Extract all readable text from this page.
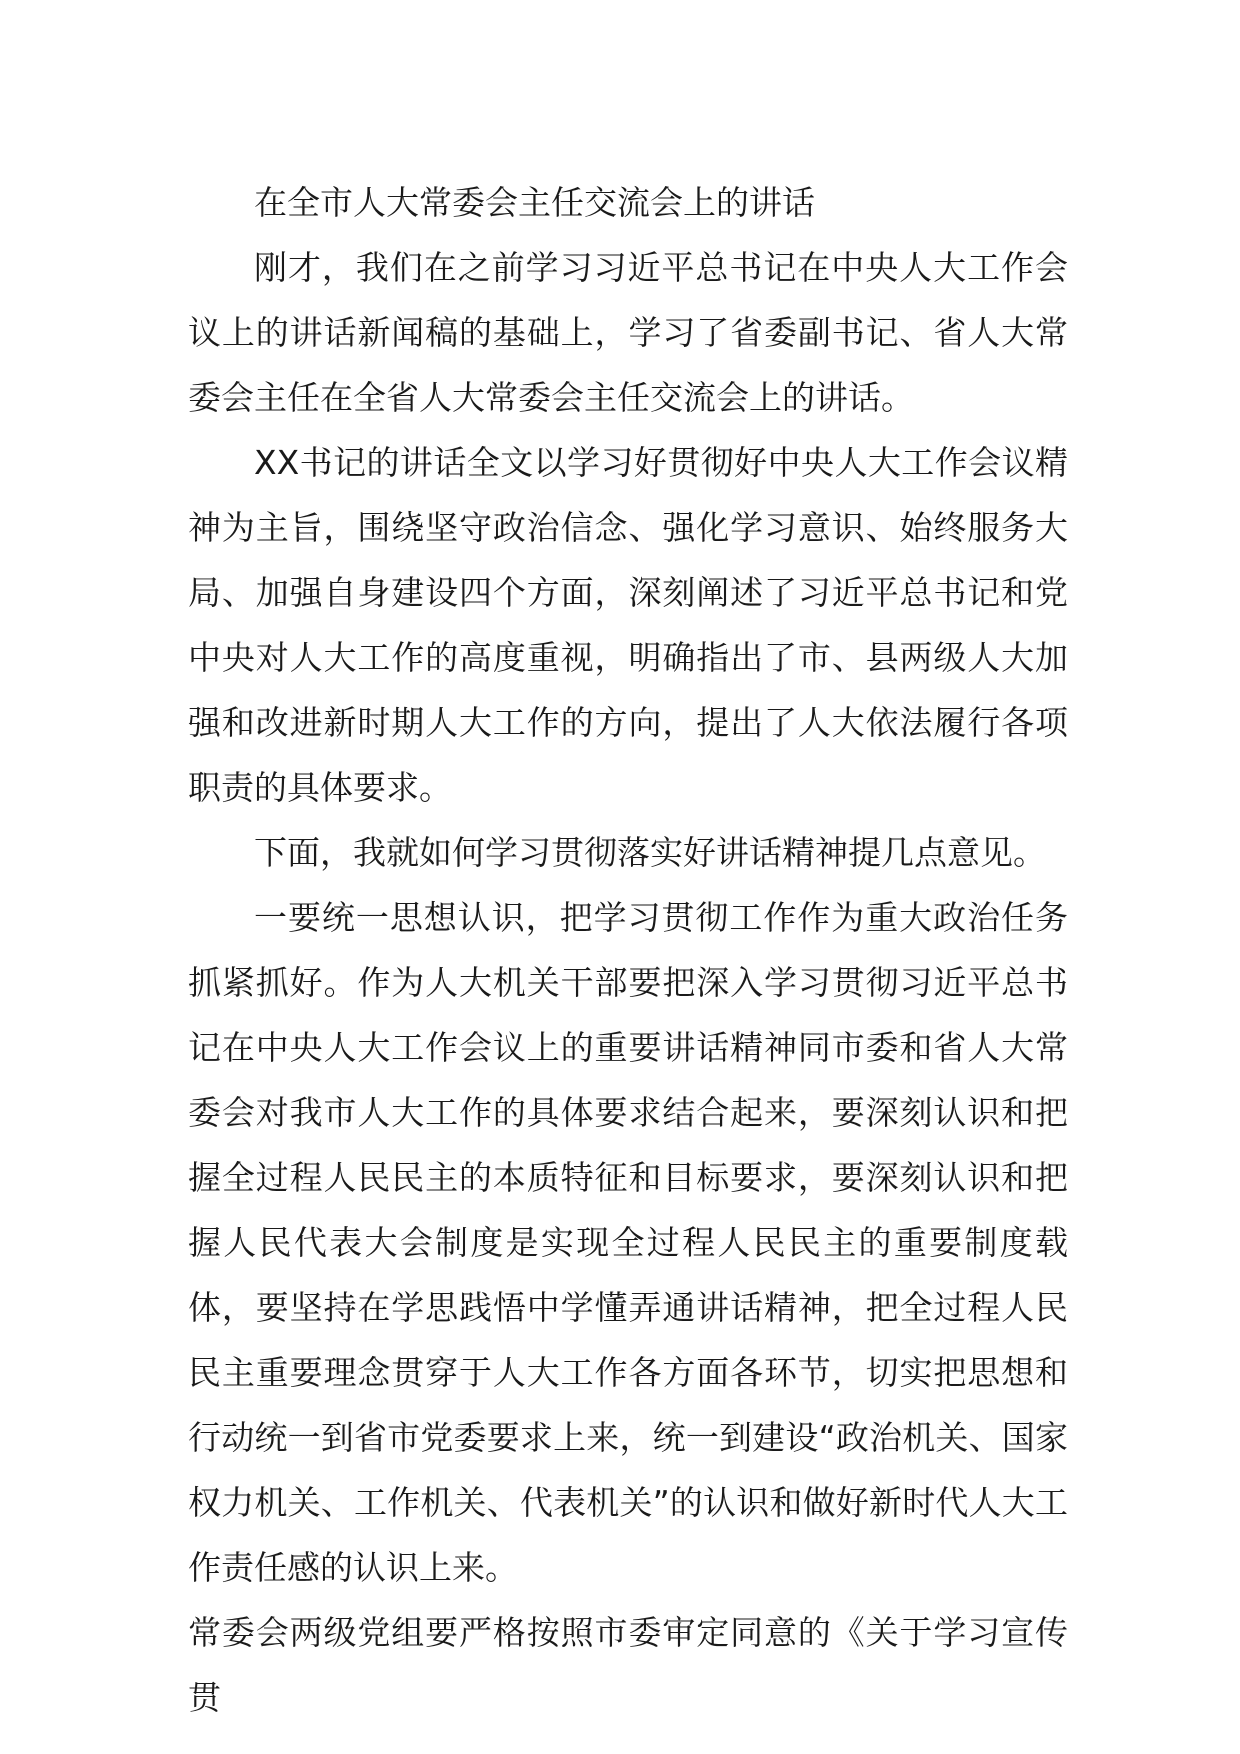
在全市人大常委会主任交流会上的讲话

刚才，我们在之前学习习近平总书记在中央人大工作会议上的讲话新闻稿的基础上，学习了省委副书记、省人大常委会主任在全省人大常委会主任交流会上的讲话。

XX书记的讲话全文以学习好贯彻好中央人大工作会议精神为主旨，围绕坚守政治信念、强化学习意识、始终服务大局、加强自身建设四个方面，深刻阐述了习近平总书记和党中央对人大工作的高度重视，明确指出了市、县两级人大加强和改进新时期人大工作的方向，提出了人大依法履行各项职责的具体要求。

下面，我就如何学习贯彻落实好讲话精神提几点意见。

一要统一思想认识，把学习贯彻工作作为重大政治任务抓紧抓好。作为人大机关干部要把深入学习贯彻习近平总书记在中央人大工作会议上的重要讲话精神同市委和省人大常委会对我市人大工作的具体要求结合起来，要深刻认识和把握全过程人民民主的本质特征和目标要求，要深刻认识和把握人民代表大会制度是实现全过程人民民主的重要制度载体，要坚持在学思践悟中学懂弄通讲话精神，把全过程人民民主重要理念贯穿于人大工作各方面各环节，切实把思想和行动统一到省市党委要求上来，统一到建设“政治机关、国家权力机关、工作机关、代表机关”的认识和做好新时代人大工作责任感的认识上来。

常委会两级党组要严格按照市委审定同意的《关于学习宣传贯
